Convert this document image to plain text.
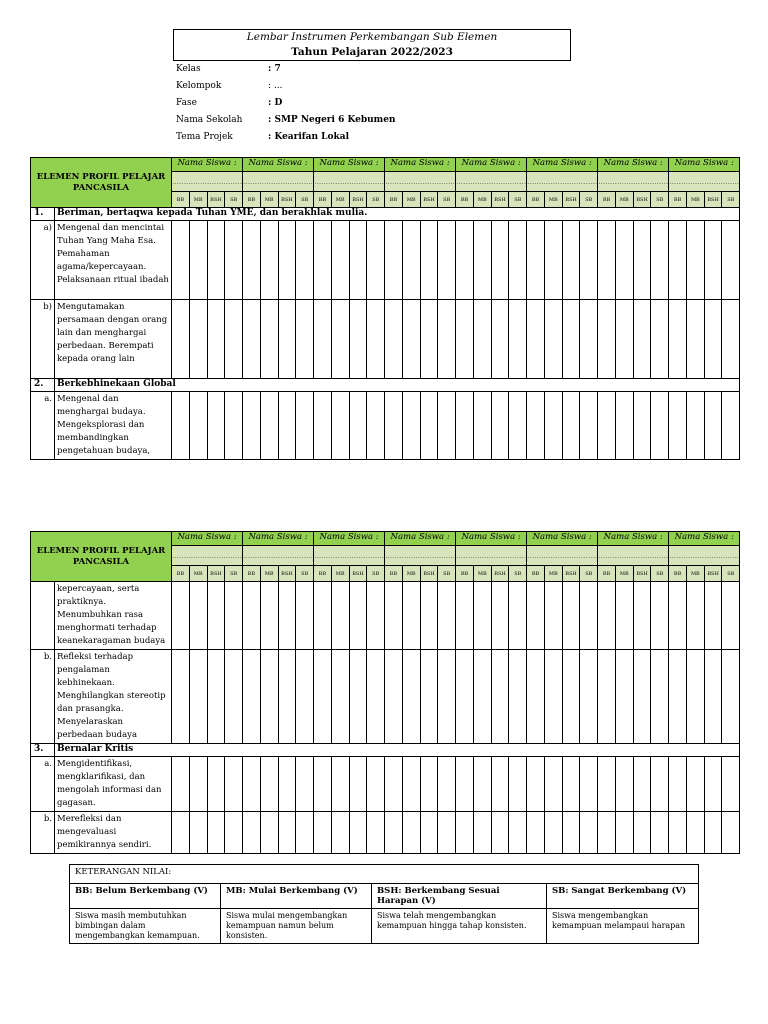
Lembar Instrumen Perkembangan Sub Elemen
Tahun Pelajaran 2022/2023
Kelas	: 7
Kelompok	: ...
Fase	: D
Nama Sekolah	: SMP Negeri 6 Kebumen
Tema Projek	: Kearifan Lokal
ELEMEN PROFIL PELAJAR PANCASILA		Nama Siswa :				Nama Siswa :				Nama Siswa :				Nama Siswa :				Nama Siswa :				Nama Siswa :				Nama Siswa :				Nama Siswa :			
		…………………………				…………………………				…………………………				…………………………				…………………………				…………………………				…………………………				…………………………			
		BB	MB	BSH	SB	BB	MB	BSH	SB	BB	MB	BSH	SB	BB	MB	BSH	SB	BB	MB	BSH	SB	BB	MB	BSH	SB	BB	MB	BSH	SB	BB	MB	BSH	SB
1.	Beriman, bertaqwa kepada Tuhan YME, dan berakhlak mulia.																																
a)	Mengenal dan mencintai Tuhan Yang Maha Esa. Pemahaman agama/kepercayaan. Pelaksanaan ritual ibadah																																
b)	Mengutamakan persamaan dengan orang lain dan menghargai perbedaan. Berempati kepada orang lain																																
2.	Berkebhinekaan Global																																
a.	Mengenal dan menghargai budaya. Mengeksplorasi dan membandingkan pengetahuan budaya,																																
ELEMEN PROFIL PELAJAR PANCASILA		Nama Siswa :				Nama Siswa :				Nama Siswa :				Nama Siswa :				Nama Siswa :				Nama Siswa :				Nama Siswa :				Nama Siswa :			
		…………………………				…………………………				…………………………				…………………………				…………………………				…………………………				…………………………				…………………………			
		BB	MB	BSH	SB	BB	MB	BSH	SB	BB	MB	BSH	SB	BB	MB	BSH	SB	BB	MB	BSH	SB	BB	MB	BSH	SB	BB	MB	BSH	SB	BB	MB	BSH	SB
	kepercayaan, serta praktiknya. Menumbuhkan rasa menghormati terhadap keanekaragaman budaya																																
b.	Refleksi terhadap pengalaman kebhinekaan. Menghilangkan stereotip dan prasangka. Menyelaraskan perbedaan budaya																																
3.	Bernalar Kritis																																
a.	Mengidentifikasi, mengklarifikasi, dan mengolah informasi dan gagasan.																																
b.	Merefleksi dan mengevaluasi pemikirannya sendiri.																																
KETERANGAN NILAI:			
BB: Belum Berkembang (V)	MB: Mulai Berkembang (V)	BSH: Berkembang Sesuai Harapan (V)	SB: Sangat Berkembang (V)
Siswa masih membutuhkan bimbingan dalam mengembangkan kemampuan.	Siswa mulai mengembangkan kemampuan namun belum konsisten.	Siswa telah mengembangkan kemampuan hingga tahap konsisten.	Siswa mengembangkan kemampuan melampaui harapan
